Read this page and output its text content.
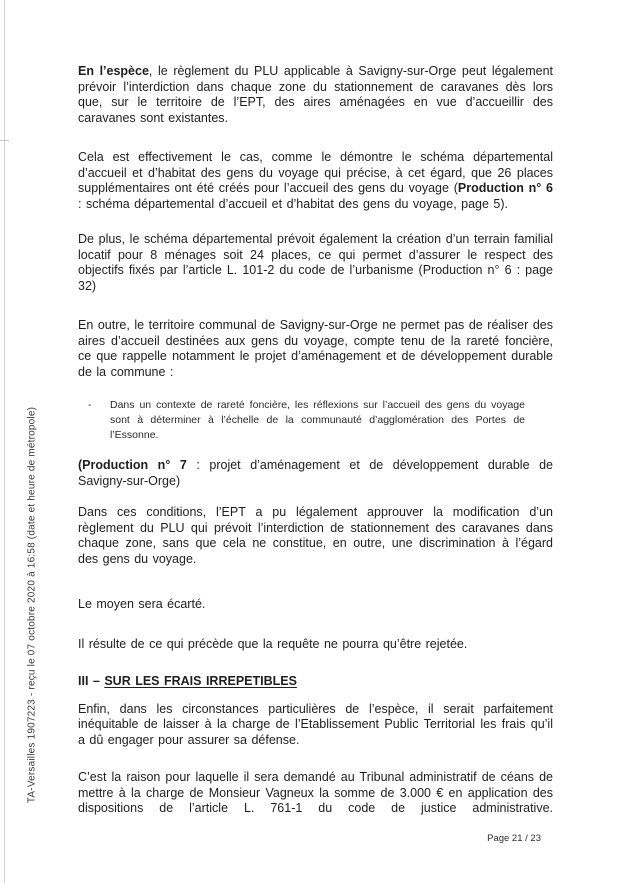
TA-Versailles 1907223 - reçu le 07 octobre 2020 à 16:58 (date et heure de métropole)
En l’espèce, le règlement du PLU applicable à Savigny-sur-Orge peut légalement prévoir l’interdiction dans chaque zone du stationnement de caravanes dès lors que, sur le territoire de l’EPT, des aires aménagées en vue d’accueillir des caravanes sont existantes.
Cela est effectivement le cas, comme le démontre le schéma départemental d’accueil et d’habitat des gens du voyage qui précise, à cet égard, que 26 places supplémentaires ont été créés pour l’accueil des gens du voyage (Production n° 6 : schéma départemental d’accueil et d’habitat des gens du voyage, page 5).
De plus, le schéma départemental prévoit également la création d’un terrain familial locatif pour 8 ménages soit 24 places, ce qui permet d’assurer le respect des objectifs fixés par l’article L. 101-2 du code de l’urbanisme (Production n° 6 : page 32)
En outre, le territoire communal de Savigny-sur-Orge ne permet pas de réaliser des aires d’accueil destinées aux gens du voyage, compte tenu de la rareté foncière, ce que rappelle notamment le projet d’aménagement et de développement durable de la commune :
-	Dans un contexte de rareté foncière, les réflexions sur l’accueil des gens du voyage sont à déterminer à l’échelle de la communauté d’agglomération des Portes de l’Essonne.
(Production n° 7 : projet d’aménagement et de développement durable de Savigny-sur-Orge)
Dans ces conditions, l’EPT a pu légalement approuver la modification d’un règlement du PLU qui prévoit l’interdiction de stationnement des caravanes dans chaque zone, sans que cela ne constitue, en outre, une discrimination à l’égard des gens du voyage.
Le moyen sera écarté.
Il résulte de ce qui précède que la requête ne pourra qu’être rejetée.
III – SUR LES FRAIS IRREPETIBLES
Enfin, dans les circonstances particulières de l’espèce, il serait parfaitement inéquitable de laisser à la charge de l’Etablissement Public Territorial les frais qu’il a dû engager pour assurer sa défense.
C’est la raison pour laquelle il sera demandé au Tribunal administratif de céans de mettre à la charge de Monsieur Vagneux la somme de 3.000 € en application des dispositions de l’article L. 761-1 du code de justice administrative.
Page 21 / 23
